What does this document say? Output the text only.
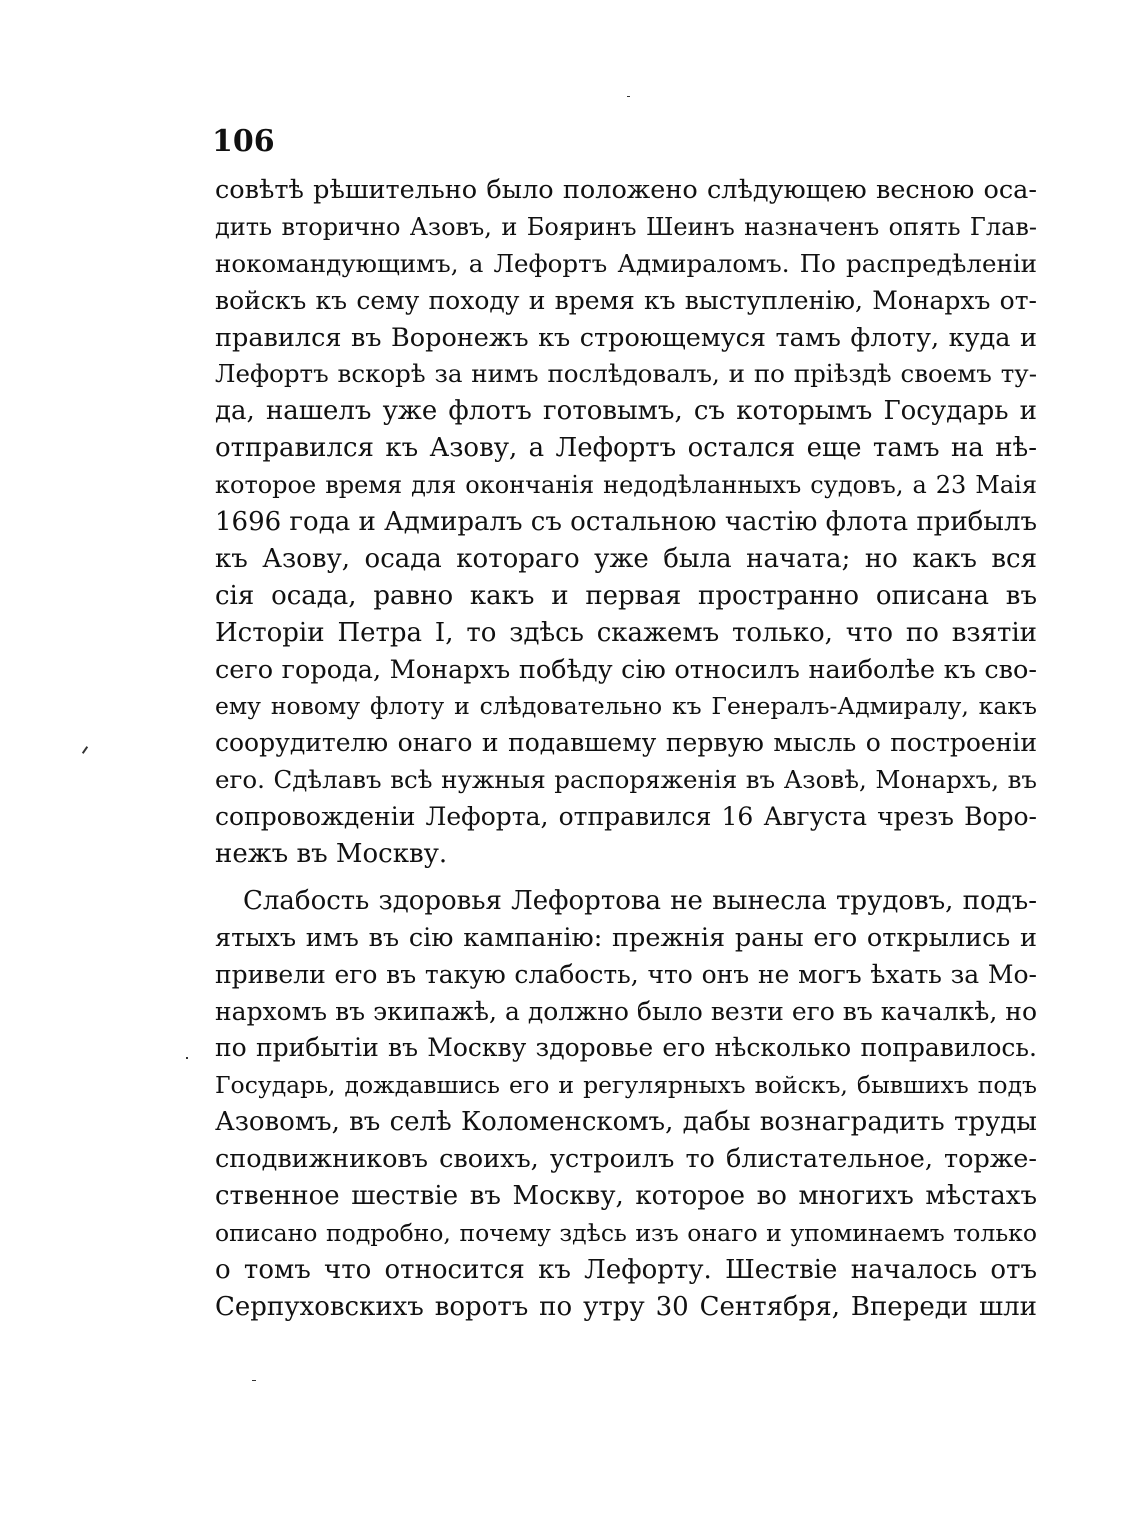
106
совѣтѣ рѣшительно было положено слѣдующею весною оса-
дить вторично Азовъ, и Бояринъ Шеинъ назначенъ опять Глав-
нокомандующимъ, а Лефортъ Адмираломъ. По распредѣленіи
войскъ къ сему походу и время къ выступленію, Монархъ от-
правился въ Воронежъ къ строющемуся тамъ флоту, куда и
Лефортъ вскорѣ за нимъ послѣдовалъ, и по прiѣздѣ своемъ ту-
да, нашелъ уже флотъ готовымъ, съ которымъ Государь и
отправился къ Азову, а Лефортъ остался еще тамъ на нѣ-
которое время для окончанія недодѣланныхъ судовъ, а 23 Маія
1696 года и Адмиралъ съ остальною частію флота прибылъ
къ Азову, осада котораго уже была начата; но какъ вся
сія осада, равно какъ и первая пространно описана въ
Исторіи Петра I, то здѣсь скажемъ только, что по взятіи
сего города, Монархъ побѣду сію относилъ наиболѣе къ сво-
ему новому флоту и слѣдовательно къ Генералъ-Адмиралу, какъ
соорудителю онаго и подавшему первую мысль о построеніи
его. Сдѣлавъ всѣ нужныя распоряженія въ Азовѣ, Монархъ, въ
сопровожденіи Лефорта, отправился 16 Августа чрезъ Воро-
нежъ въ Москву.
Слабость здоровья Лефортова не вынесла трудовъ, подъ-
ятыхъ имъ въ сію кампанію: прежнія раны его открылись и
привели его въ такую слабость, что онъ не могъ ѣхать за Мо-
нархомъ въ экипажѣ, а должно было везти его въ качалкѣ, но
по прибытіи въ Москву здоровье его нѣсколько поправилось.
Государь, дождавшись его и регулярныхъ войскъ, бывшихъ подъ
Азовомъ, въ селѣ Коломенскомъ, дабы вознаградить труды
сподвижниковъ своихъ, устроилъ то блистательное, торже-
ственное шествіе въ Москву, которое во многихъ мѣстахъ
описано подробно, почему здѣсь изъ онаго и упоминаемъ только
о томъ что относится къ Лефорту. Шествіе началось отъ
Серпуховскихъ воротъ по утру 30 Сентября, Впереди шли
